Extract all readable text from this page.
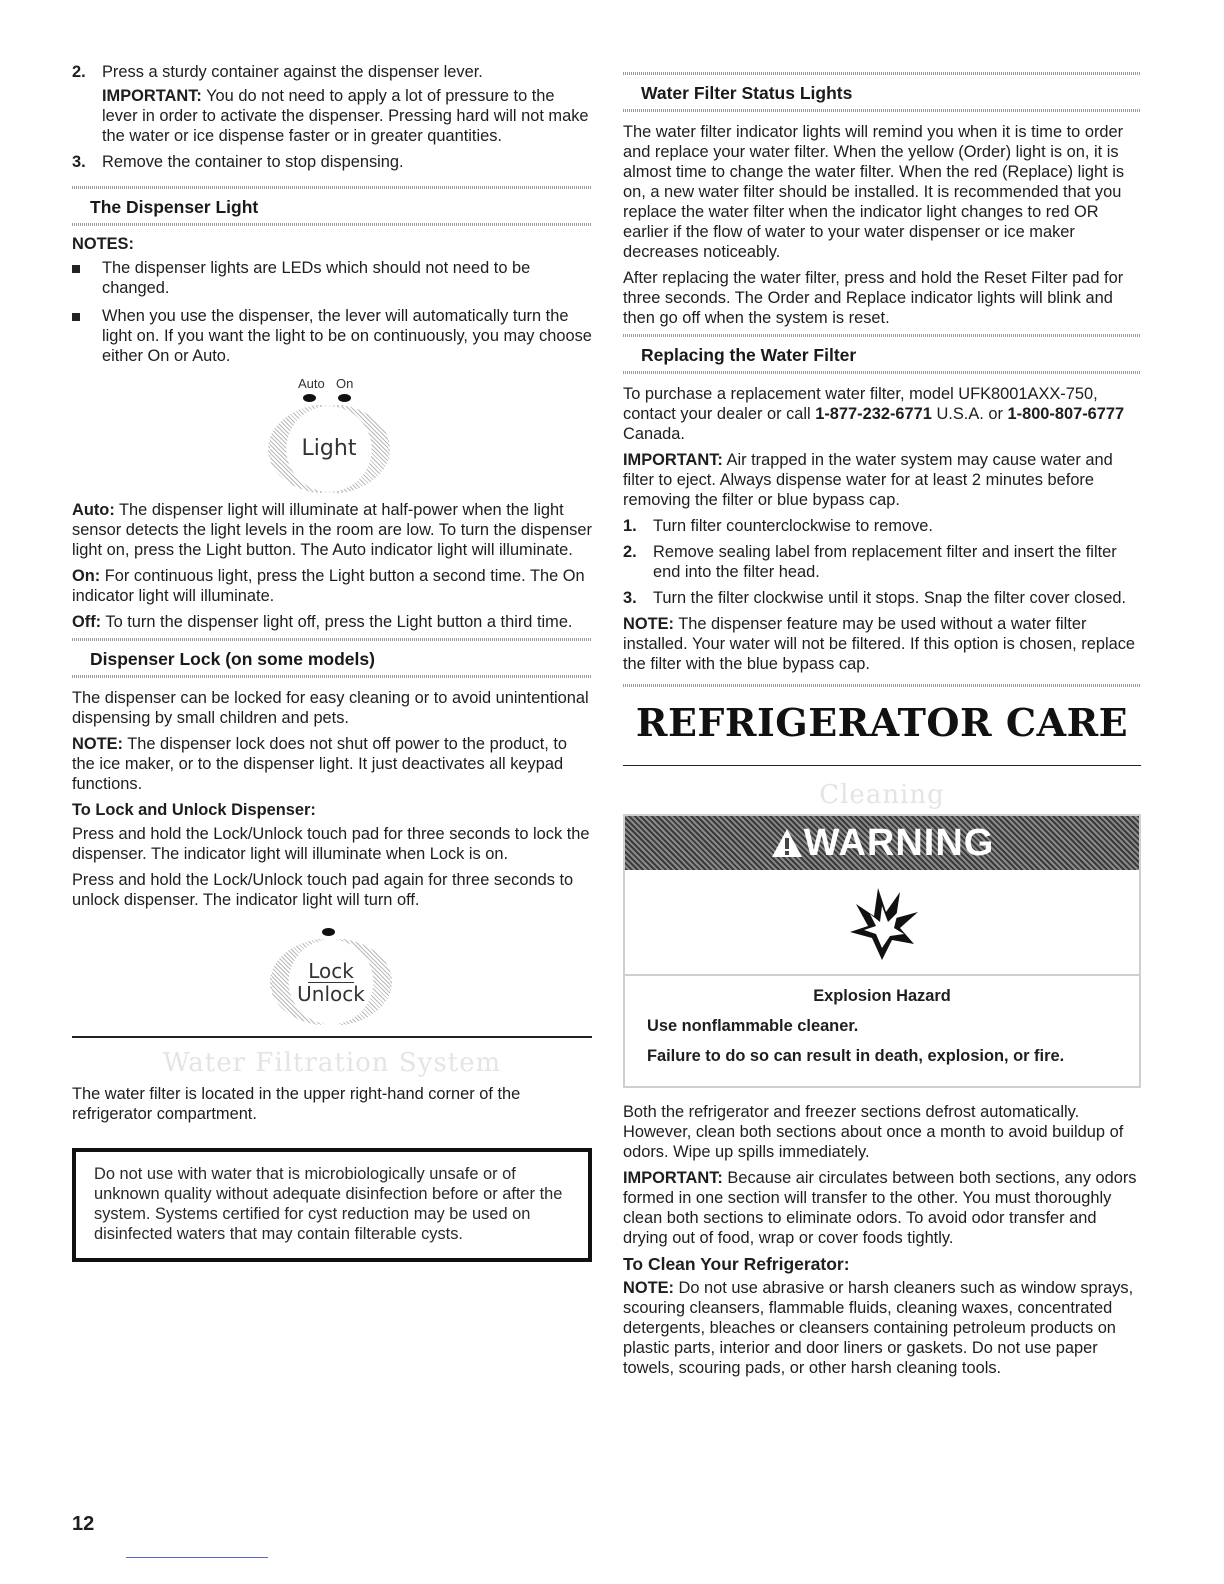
2. Press a sturdy container against the dispenser lever.

IMPORTANT: You do not need to apply a lot of pressure to the lever in order to activate the dispenser. Pressing hard will not make the water or ice dispense faster or in greater quantities.

3. Remove the container to stop dispensing.

The Dispenser Light
NOTES:
The dispenser lights are LEDs which should not need to be changed.
When you use the dispenser, the lever will automatically turn the light on. If you want the light to be on continuously, you may choose either On or Auto.
Auto On
Light

Auto: The dispenser light will illuminate at half-power when the light sensor detects the light levels in the room are low. To turn the dispenser light on, press the Light button. The Auto indicator light will illuminate.

On: For continuous light, press the Light button a second time. The On indicator light will illuminate.

Off: To turn the dispenser light off, press the Light button a third time.

Dispenser Lock (on some models)

The dispenser can be locked for easy cleaning or to avoid unintentional dispensing by small children and pets.

NOTE: The dispenser lock does not shut off power to the product, to the ice maker, or to the dispenser light. It just deactivates all keypad functions.

To Lock and Unlock Dispenser:

Press and hold the Lock/Unlock touch pad for three seconds to lock the dispenser. The indicator light will illuminate when Lock is on.

Press and hold the Lock/Unlock touch pad again for three seconds to unlock dispenser. The indicator light will turn off.

Lock
Unlock
Water Filtration System

The water filter is located in the upper right-hand corner of the refrigerator compartment.

Do not use with water that is microbiologically unsafe or of unknown quality without adequate disinfection before or after the system. Systems certified for cyst reduction may be used on disinfected waters that may contain filterable cysts.
Water Filter Status Lights

The water filter indicator lights will remind you when it is time to order and replace your water filter. When the yellow (Order) light is on, it is almost time to change the water filter. When the red (Replace) light is on, a new water filter should be installed. It is recommended that you replace the water filter when the indicator light changes to red OR earlier if the flow of water to your water dispenser or ice maker decreases noticeably.

After replacing the water filter, press and hold the Reset Filter pad for three seconds. The Order and Replace indicator lights will blink and then go off when the system is reset.

Replacing the Water Filter

To purchase a replacement water filter, model UFK8001AXX-750, contact your dealer or call 1-877-232-6771 U.S.A. or 1-800-807-6777 Canada.

IMPORTANT: Air trapped in the water system may cause water and filter to eject. Always dispense water for at least 2 minutes before removing the filter or blue bypass cap.

1. Turn filter counterclockwise to remove.
2. Remove sealing label from replacement filter and insert the filter end into the filter head.
3. Turn the filter clockwise until it stops. Snap the filter cover closed.

NOTE: The dispenser feature may be used without a water filter installed. Your water will not be filtered. If this option is chosen, replace the filter with the blue bypass cap.

REFRIGERATOR CARE
Cleaning
WARNING
Explosion Hazard

Use nonflammable cleaner.

Failure to do so can result in death, explosion, or fire.

Both the refrigerator and freezer sections defrost automatically. However, clean both sections about once a month to avoid buildup of odors. Wipe up spills immediately.

IMPORTANT: Because air circulates between both sections, any odors formed in one section will transfer to the other. You must thoroughly clean both sections to eliminate odors. To avoid odor transfer and drying out of food, wrap or cover foods tightly.

To Clean Your Refrigerator:

NOTE: Do not use abrasive or harsh cleaners such as window sprays, scouring cleansers, flammable fluids, cleaning waxes, concentrated detergents, bleaches or cleansers containing petroleum products on plastic parts, interior and door liners or gaskets. Do not use paper towels, scouring pads, or other harsh cleaning tools.

12
